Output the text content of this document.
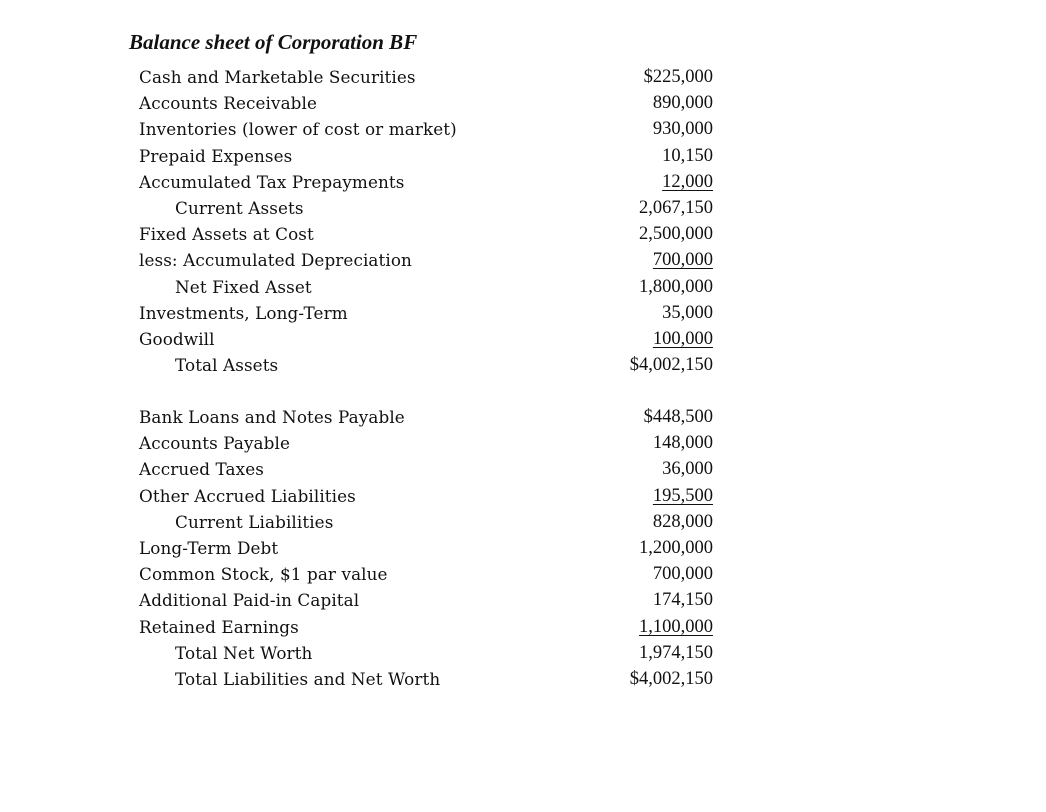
Balance sheet of Corporation BF
Cash and Marketable Securities	$225,000
Accounts Receivable	890,000
Inventories (lower of cost or market)	930,000
Prepaid Expenses	10,150
Accumulated Tax Prepayments	12,000
Current Assets	2,067,150
Fixed Assets at Cost	2,500,000
less: Accumulated Depreciation	700,000
Net Fixed Asset	1,800,000
Investments, Long-Term	35,000
Goodwill	100,000
Total Assets	$4,002,150
Bank Loans and Notes Payable	$448,500
Accounts Payable	148,000
Accrued Taxes	36,000
Other Accrued Liabilities	195,500
Current Liabilities	828,000
Long-Term Debt	1,200,000
Common Stock, $1 par value	700,000
Additional Paid-in Capital	174,150
Retained Earnings	1,100,000
Total Net Worth	1,974,150
Total Liabilities and Net Worth	$4,002,150
